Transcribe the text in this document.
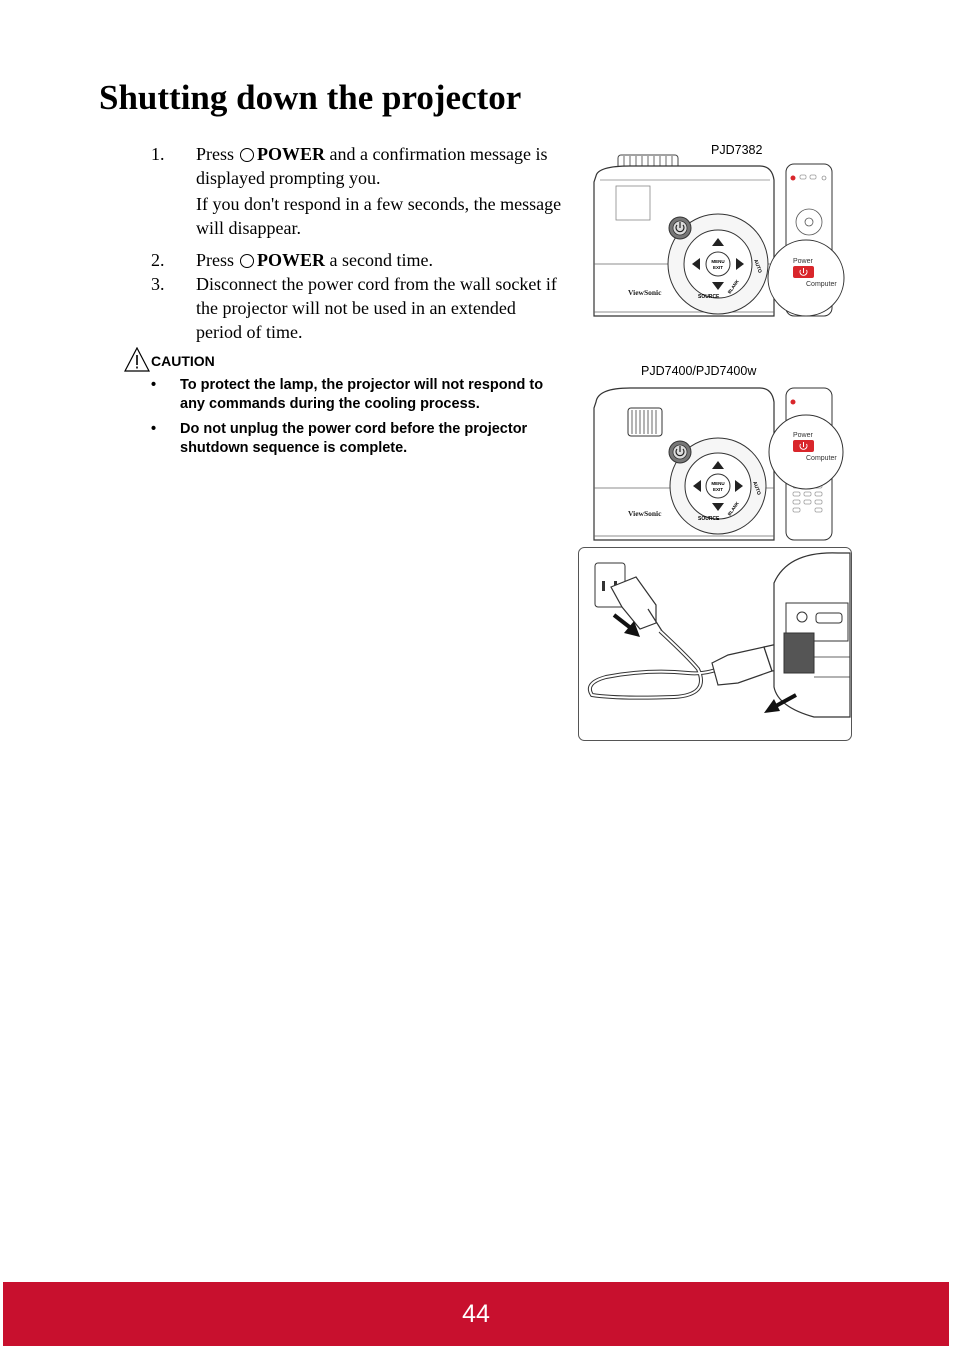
Shutting down the projector
1. Press POWER and a confirmation message is displayed prompting you.

If you don't respond in a few seconds, the message will disappear.

2. Press POWER a second time.

3. Disconnect the power cord from the wall socket if the projector will not be used in an extended period of time.

CAUTION
• To protect the lamp, the projector will not respond to any commands during the cooling process.
• Do not unplug the power cord before the projector shutdown sequence is complete.
PJD7382
PJD7400/PJD7400w
ViewSonic
MENU
EXIT	AUTO
SOURCE
BLANK
Power
Computer
ViewSonic
MENU
EXIT	AUTO
SOURCE
BLANK
Power
Computer
44
